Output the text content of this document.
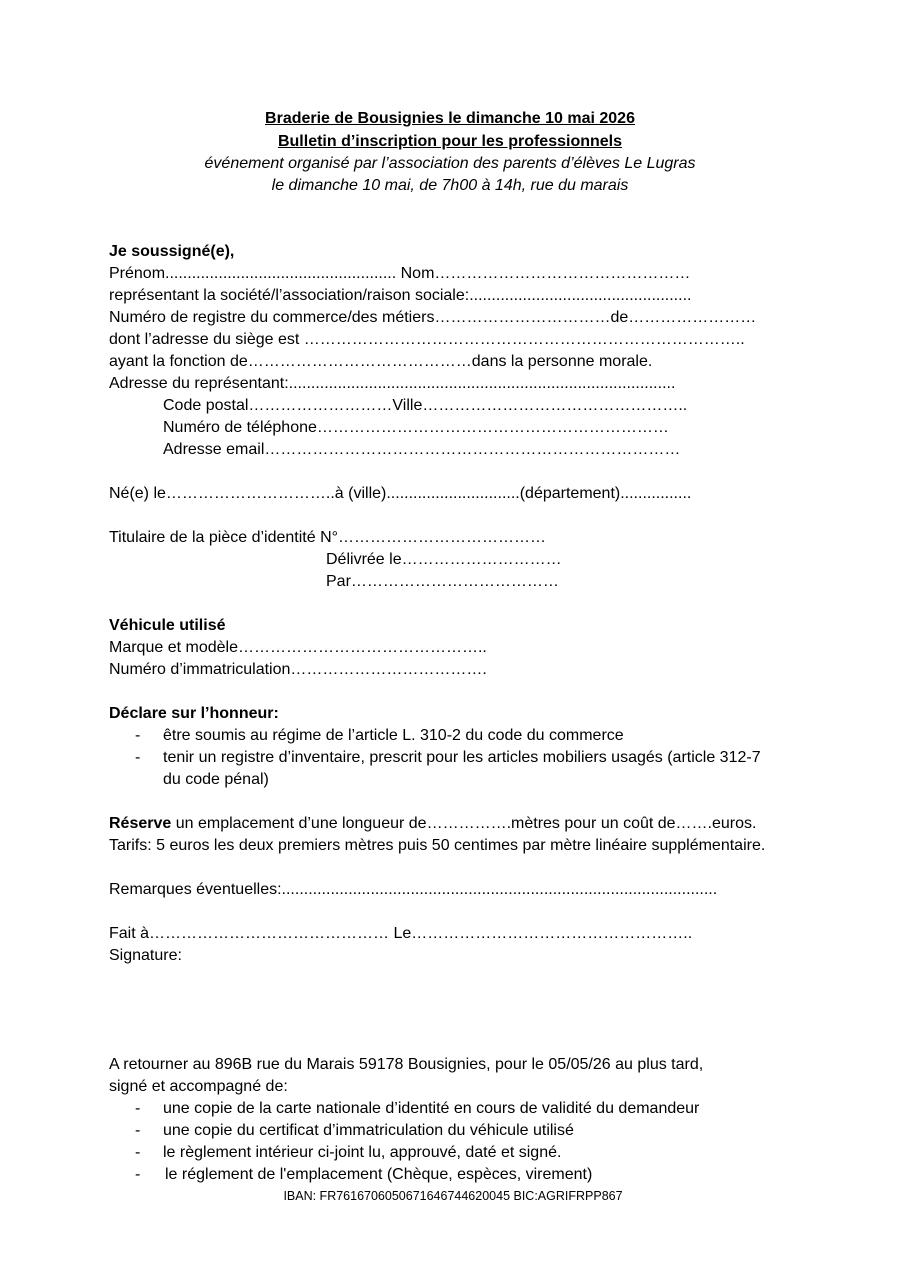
Braderie de Bousignies le dimanche 10 mai 2026
Bulletin d’inscription pour les professionnels
événement organisé par l’association des parents d’élèves Le Lugras
le dimanche 10 mai, de 7h00 à 14h, rue du marais
Je soussigné(e),
Prénom.................................................... Nom…………………………………………
représentant la société/l’association/raison sociale:..................................................
Numéro de registre du commerce/des métiers……………………………de……………………
dont l’adresse du siège est ………………………………………………………………………..
ayant la fonction de……………………………………dans la personne morale.
Adresse du représentant:.......................................................................................
Code postal………………………Ville…………………………………………..
Numéro de téléphone…………………………………………………………
Adresse email……………………………………………………………………
Né(e) le…………………………..à (ville)..............................(département)................
Titulaire de la pièce d’identité N°…………………………………
Délivrée le…………………………
Par…………………………………
Véhicule utilisé
Marque et modèle………………………………………..
Numéro d’immatriculation……………………………….
Déclare sur l’honneur:
- être soumis au régime de l’article L. 310-2 du code du commerce
- tenir un registre d’inventaire, prescrit pour les articles mobiliers usagés (article 312-7
du code pénal)
Réserve un emplacement d’une longueur de…………….mètres pour un coût de…….euros.
Tarifs: 5 euros les deux premiers mètres puis 50 centimes par mètre linéaire supplémentaire.
Remarques éventuelles:..................................................................................................
Fait à……………………………………… Le……………………………………………..
Signature:
A retourner au 896B rue du Marais 59178 Bousignies, pour le 05/05/26 au plus tard,
signé et accompagné de:
- une copie de la carte nationale d’identité en cours de validité du demandeur
- une copie du certificat d’immatriculation du véhicule utilisé
- le règlement intérieur ci-joint lu, approuvé, daté et signé.
- le réglement de l'emplacement (Chèque, espèces, virement)
IBAN: FR7616706050671646744620045 BIC:AGRIFRPP867
